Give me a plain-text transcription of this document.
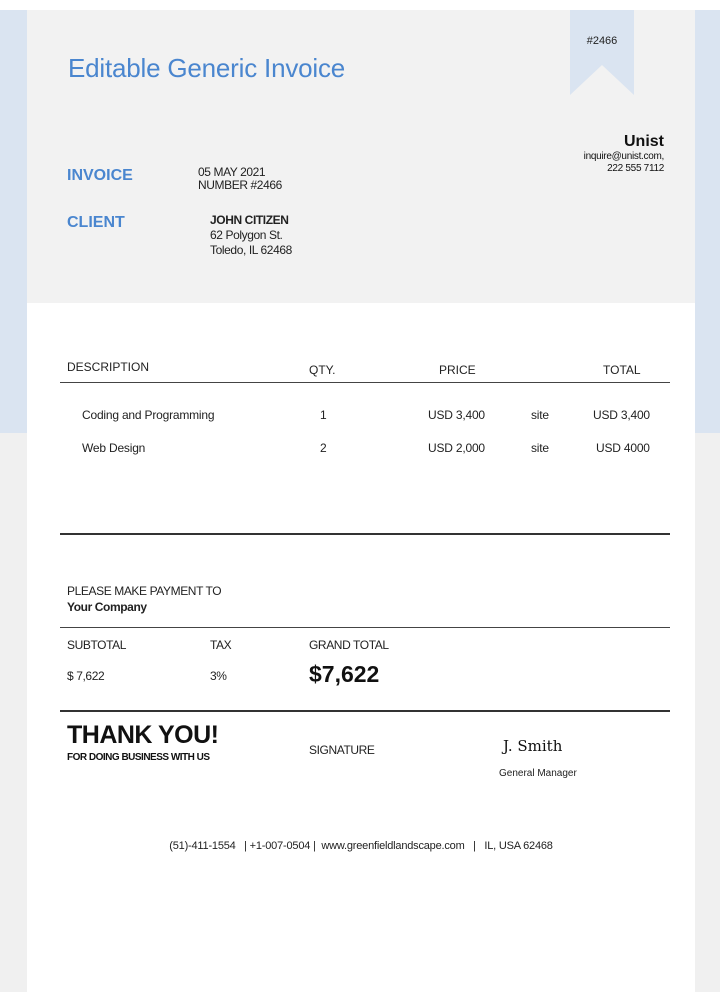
Editable Generic Invoice
#2466
Unist
inquire@unist.com,
222 555 7112
INVOICE	05 MAY 2021
NUMBER #2466
CLIENT	JOHN CITIZEN
62 Polygon St.
Toledo, IL 62468
DESCRIPTION	QTY.	PRICE	TOTAL
Coding and Programming	1	USD 3,400	site	USD 3,400
Web Design	2	USD 2,000	site	USD 4000
PLEASE MAKE PAYMENT TO
Your Company
SUBTOTAL	TAX	GRAND TOTAL
$ 7,622	3%	$7,622
THANK YOU!
FOR DOING BUSINESS WITH US
SIGNATURE	J. Smith
General Manager
(51)-411-1554   | +1-007-0504 |  www.greenfieldlandscape.com   |   IL, USA 62468
